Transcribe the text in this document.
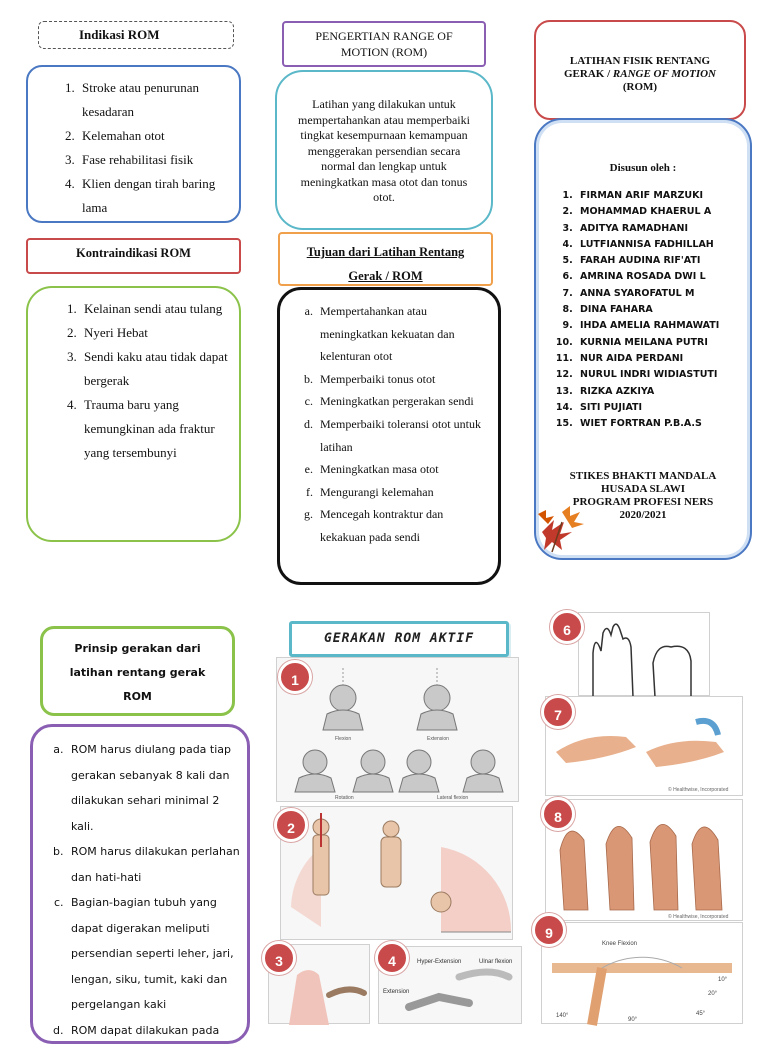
Indikasi ROM
1. Stroke atau penurunan kesadaran
2. Kelemahan otot
3. Fase rehabilitasi fisik
4. Klien dengan tirah baring lama
Kontraindikasi ROM
1. Kelainan sendi atau tulang
2. Nyeri Hebat
3. Sendi kaku atau tidak dapat bergerak
4. Trauma baru yang kemungkinan ada fraktur yang tersembunyi
PENGERTIAN RANGE OF MOTION (ROM)
Latihan yang dilakukan untuk mempertahankan atau memperbaiki tingkat kesempurnaan kemampuan menggerakan persendian secara normal dan lengkap untuk meningkatkan masa otot dan tonus otot.
Tujuan dari Latihan Rentang Gerak / ROM
a. Mempertahankan atau meningkatkan kekuatan dan kelenturan otot
b. Memperbaiki tonus otot
c. Meningkatkan pergerakan sendi
d. Memperbaiki toleransi otot untuk latihan
e. Meningkatkan masa otot
f. Mengurangi kelemahan
g. Mencegah kontraktur dan kekakuan pada sendi
LATIHAN FISIK RENTANG
GERAK / RANGE OF MOTION
(ROM)
Disusun oleh :
1. FIRMAN ARIF MARZUKI
2. MOHAMMAD KHAERUL A
3. ADITYA RAMADHANI
4. LUTFIANNISA FADHILLAH
5. FARAH AUDINA RIF'ATI
6. AMRINA ROSADA DWI L
7. ANNA SYAROFATUL M
8. DINA FAHARA
9. IHDA AMELIA RAHMAWATI
10. KURNIA MEILANA PUTRI
11. NUR AIDA PERDANI
12. NURUL INDRI WIDIASTUTI
13. RIZKA AZKIYA
14. SITI PUJIATI
15. WIET FORTRAN P.B.A.S
STIKES BHAKTI MANDALA HUSADA SLAWI
PROGRAM PROFESI NERS
2020/2021
Prinsip gerakan dari latihan rentang gerak ROM
a. ROM harus diulang pada tiap gerakan sebanyak 8 kali dan dilakukan sehari minimal 2 kali.
b. ROM harus dilakukan perlahan dan hati-hati
c. Bagian-bagian tubuh yang dapat digerakan meliputi persendian seperti leher, jari, lengan, siku, tumit, kaki dan pergelangan kaki
d. ROM dapat dilakukan pada
GERAKAN ROM AKTIF
Flexion	Extension
Rotation	Lateral flexion
1
2
3	Hyper-Extension	Ulnar flexion
Extension
4
6
© Healthwise, Incorporated
7
© Healthwise, Incorporated
8
Knee Flexion
10°
20°
45°
90°
140°
9
